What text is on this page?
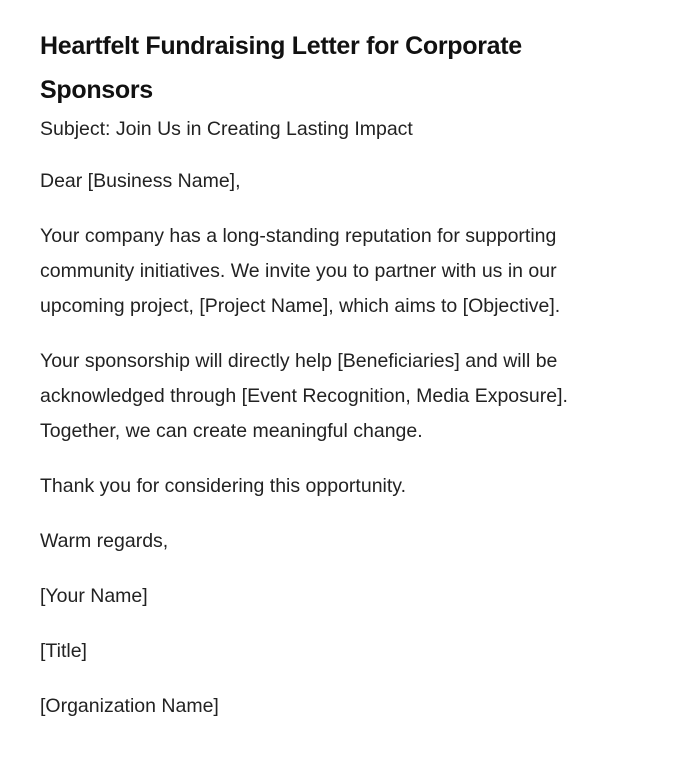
Heartfelt Fundraising Letter for Corporate Sponsors

Subject: Join Us in Creating Lasting Impact

Dear [Business Name],

Your company has a long-standing reputation for supporting community initiatives. We invite you to partner with us in our upcoming project, [Project Name], which aims to [Objective].

Your sponsorship will directly help [Beneficiaries] and will be acknowledged through [Event Recognition, Media Exposure]. Together, we can create meaningful change.

Thank you for considering this opportunity.

Warm regards,

[Your Name]

[Title]

[Organization Name]
